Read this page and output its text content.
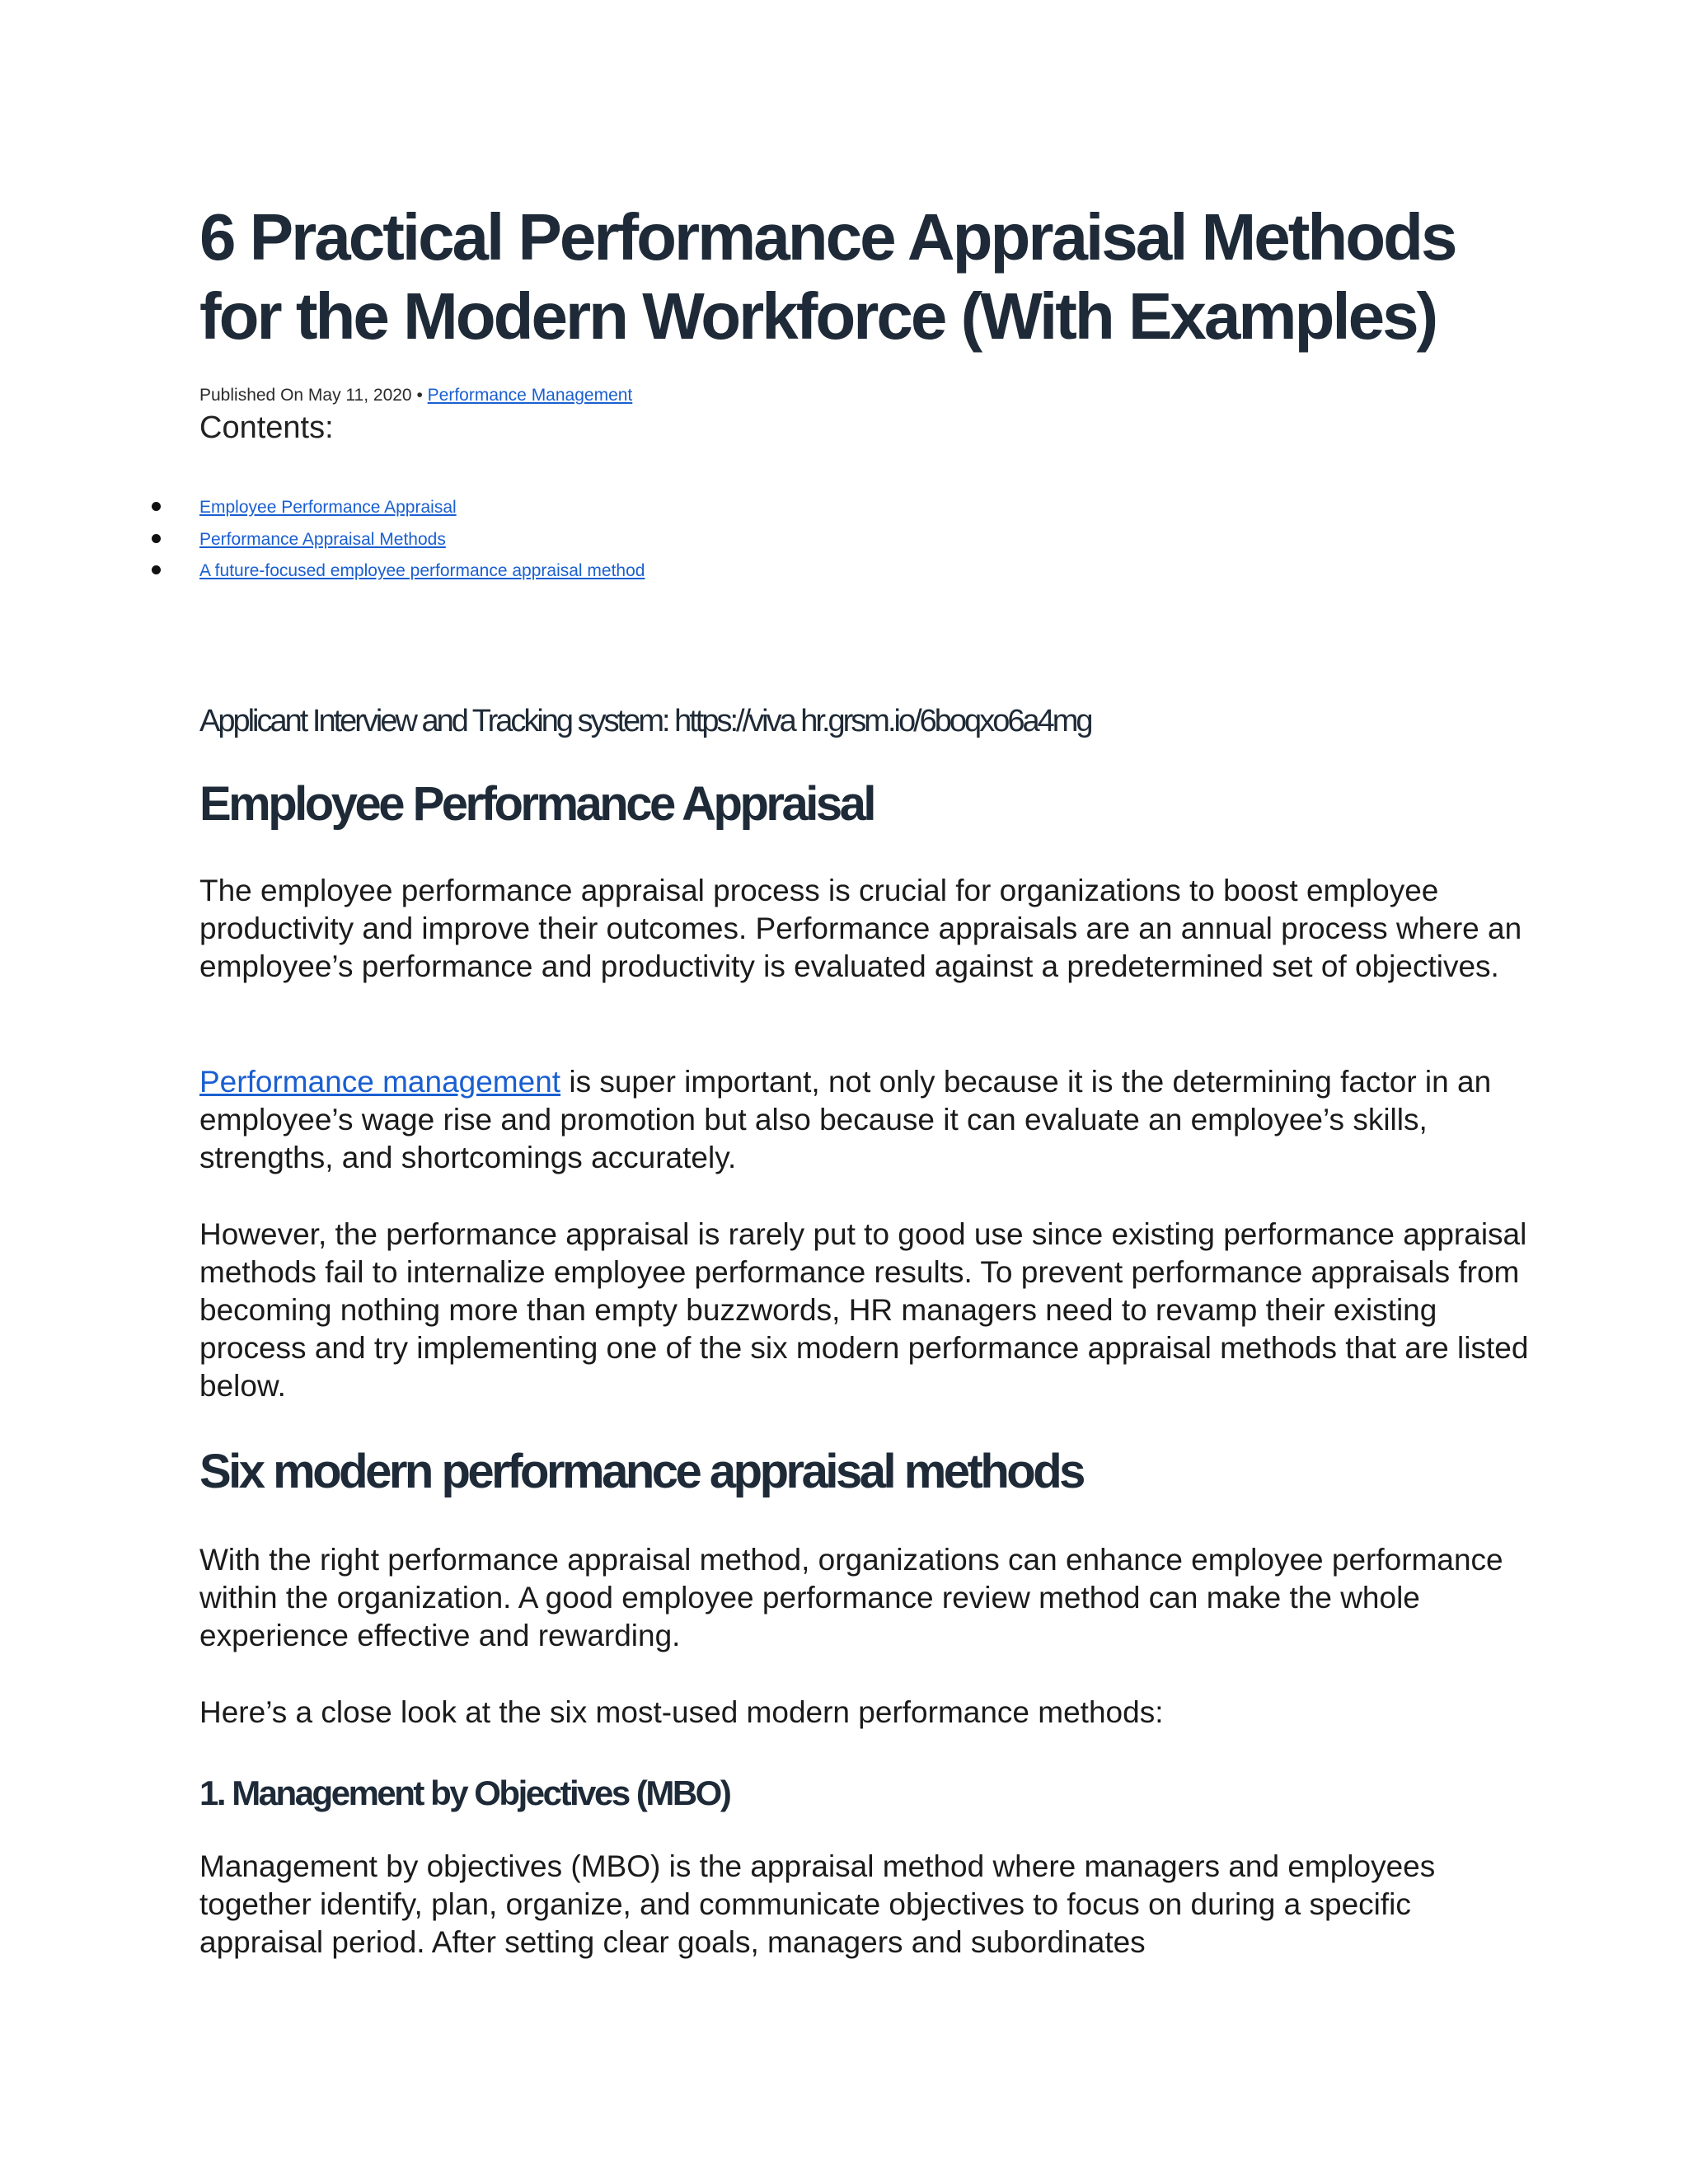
6 Practical Performance Appraisal Methods for the Modern Workforce (With Examples)
Published On May 11, 2020 • Performance Management
Contents:
Employee Performance Appraisal
Performance Appraisal Methods
A future-focused employee performance appraisal method
Applicant Interview and Tracking system: https://viva hr.grsm.io/6boqxo6a4mg
Employee Performance Appraisal

The employee performance appraisal process is crucial for organizations to boost employee productivity and improve their outcomes. Performance appraisals are an annual process where an employee’s performance and productivity is evaluated against a predetermined set of objectives.

Performance management is super important, not only because it is the determining factor in an employee’s wage rise and promotion but also because it can evaluate an employee’s skills, strengths, and shortcomings accurately.

However, the performance appraisal is rarely put to good use since existing performance appraisal methods fail to internalize employee performance results. To prevent performance appraisals from becoming nothing more than empty buzzwords, HR managers need to revamp their existing process and try implementing one of the six modern performance appraisal methods that are listed below.

Six modern performance appraisal methods

With the right performance appraisal method, organizations can enhance employee performance within the organization. A good employee performance review method can make the whole experience effective and rewarding.

Here’s a close look at the six most-used modern performance methods:

1. Management by Objectives (MBO)

Management by objectives (MBO) is the appraisal method where managers and employees together identify, plan, organize, and communicate objectives to focus on during a specific appraisal period. After setting clear goals, managers and subordinates
